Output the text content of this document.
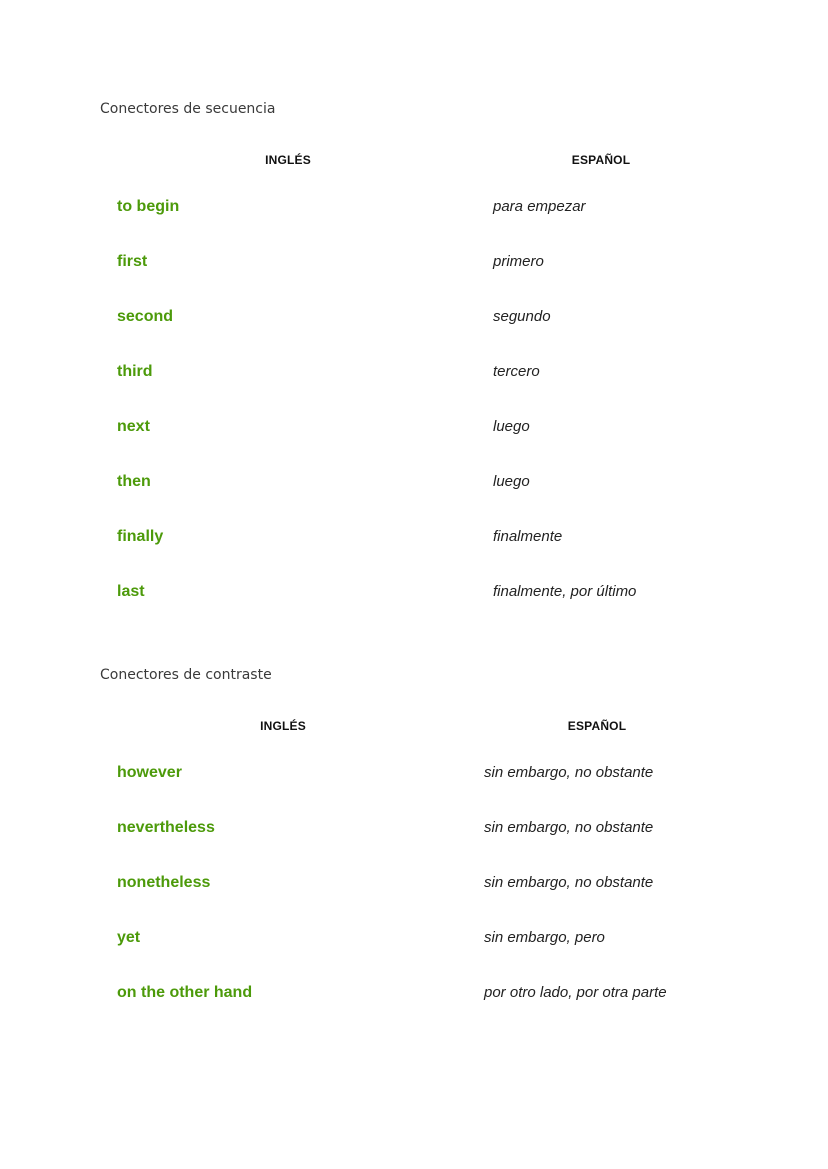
Conectores de secuencia
INGLÉS	ESPAÑOL
to begin	para empezar
first	primero
second	segundo
third	tercero
next	luego
then	luego
finally	finalmente
last	finalmente, por último
Conectores de contraste
INGLÉS	ESPAÑOL
however	sin embargo, no obstante
nevertheless	sin embargo, no obstante
nonetheless	sin embargo, no obstante
yet	sin embargo, pero
on the other hand	por otro lado, por otra parte
